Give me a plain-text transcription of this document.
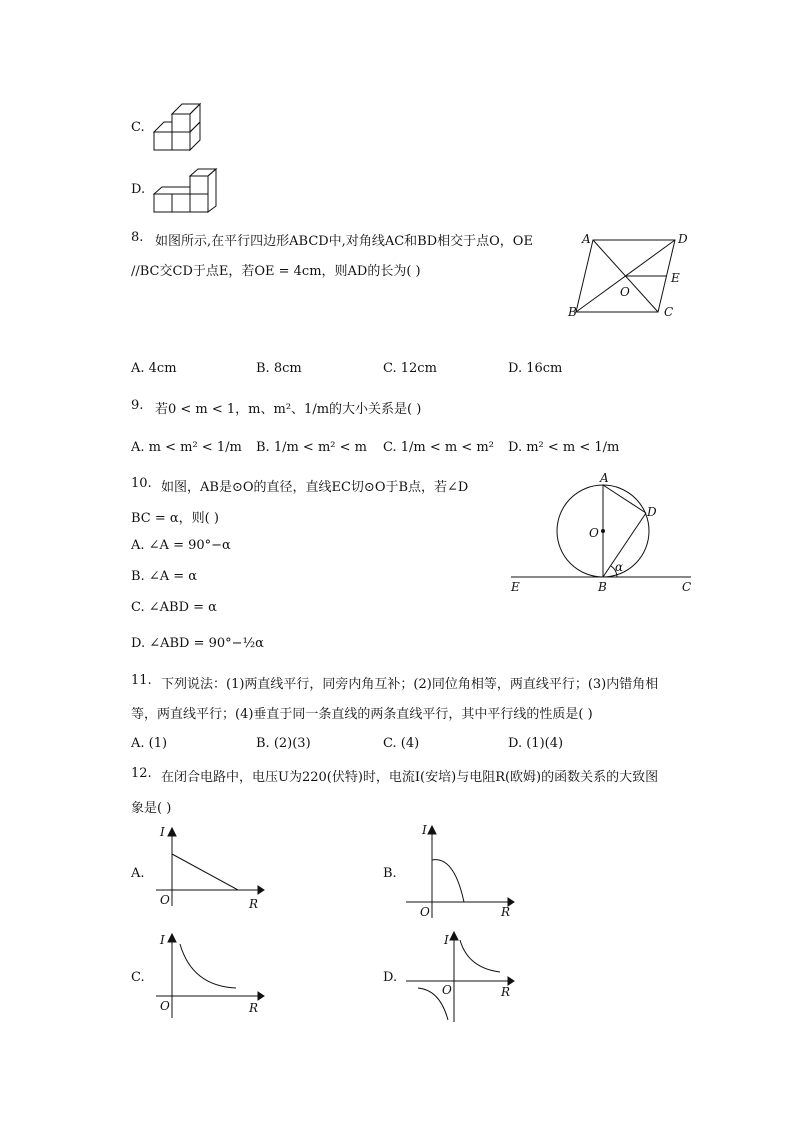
C.
D.
8. 如图所示,在平行四边形ABCD中,对角线AC和BD相交于点O，OE
//BC交CD于点E，若OE = 4cm，则AD的长为( )
A	D
B	C
E
O
A. 4cm	B. 8cm	C. 12cm	D. 16cm
9. 若0 < m < 1，m、m²、1/m的大小关系是( )
A. m < m² < 1/m B. 1/m < m² < m C. 1/m < m < m² D. m² < m < 1/m
10. 如图，AB是⊙O的直径，直线EC切⊙O于B点，若∠D
BC = α，则( )
A. ∠A = 90°−α
B. ∠A = α
C. ∠ABD = α
D. ∠ABD = 90°−½α
A
D
O
B
E	C
α
11. 下列说法：(1)两直线平行，同旁内角互补；(2)同位角相等，两直线平行；(3)内错角相
等，两直线平行；(4)垂直于同一条直线的两条直线平行，其中平行线的性质是( )
A. (1)	B. (2)(3)	C. (4)	D. (1)(4)
12. 在闭合电路中，电压U为220(伏特)时，电流I(安培)与电阻R(欧姆)的函数关系的大致图
象是( )
A.
I
R
O
B.
I
R
O
C.
I
R
O
D.
I
R
O
